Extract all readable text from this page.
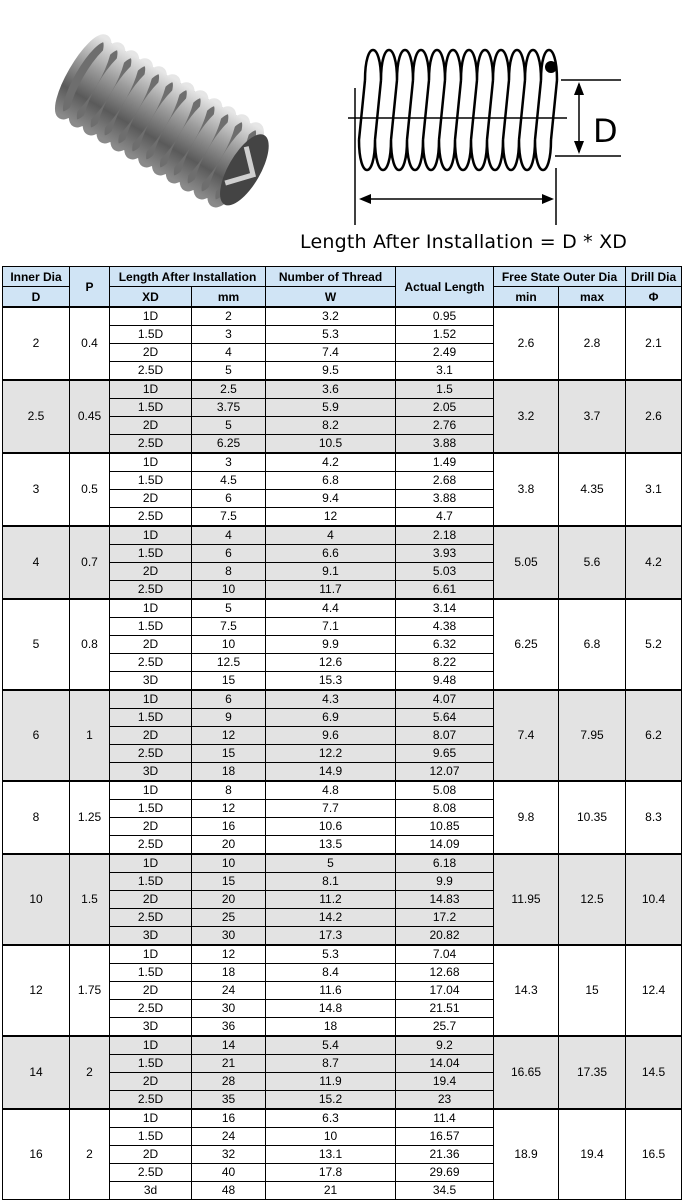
D
Length After Installation = D * XD
Inner Dia	P	Length After Installation		Number of Thread	Actual Length	Free State Outer Dia		Drill Dia
D		XD	mm	W		min	max	Φ
2	0.4	1D	2	3.2	0.95	2.6	2.8	2.1
		1.5D	3	5.3	1.52			
		2D	4	7.4	2.49			
		2.5D	5	9.5	3.1			
2.5	0.45	1D	2.5	3.6	1.5	3.2	3.7	2.6
		1.5D	3.75	5.9	2.05			
		2D	5	8.2	2.76			
		2.5D	6.25	10.5	3.88			
3	0.5	1D	3	4.2	1.49	3.8	4.35	3.1
		1.5D	4.5	6.8	2.68			
		2D	6	9.4	3.88			
		2.5D	7.5	12	4.7			
4	0.7	1D	4	4	2.18	5.05	5.6	4.2
		1.5D	6	6.6	3.93			
		2D	8	9.1	5.03			
		2.5D	10	11.7	6.61			
5	0.8	1D	5	4.4	3.14	6.25	6.8	5.2
		1.5D	7.5	7.1	4.38			
		2D	10	9.9	6.32			
		2.5D	12.5	12.6	8.22			
		3D	15	15.3	9.48			
6	1	1D	6	4.3	4.07	7.4	7.95	6.2
		1.5D	9	6.9	5.64			
		2D	12	9.6	8.07			
		2.5D	15	12.2	9.65			
		3D	18	14.9	12.07			
8	1.25	1D	8	4.8	5.08	9.8	10.35	8.3
		1.5D	12	7.7	8.08			
		2D	16	10.6	10.85			
		2.5D	20	13.5	14.09			
10	1.5	1D	10	5	6.18	11.95	12.5	10.4
		1.5D	15	8.1	9.9			
		2D	20	11.2	14.83			
		2.5D	25	14.2	17.2			
		3D	30	17.3	20.82			
12	1.75	1D	12	5.3	7.04	14.3	15	12.4
		1.5D	18	8.4	12.68			
		2D	24	11.6	17.04			
		2.5D	30	14.8	21.51			
		3D	36	18	25.7			
14	2	1D	14	5.4	9.2	16.65	17.35	14.5
		1.5D	21	8.7	14.04			
		2D	28	11.9	19.4			
		2.5D	35	15.2	23			
16	2	1D	16	6.3	11.4	18.9	19.4	16.5
		1.5D	24	10	16.57			
		2D	32	13.1	21.36			
		2.5D	40	17.8	29.69			
		3d	48	21	34.5			
